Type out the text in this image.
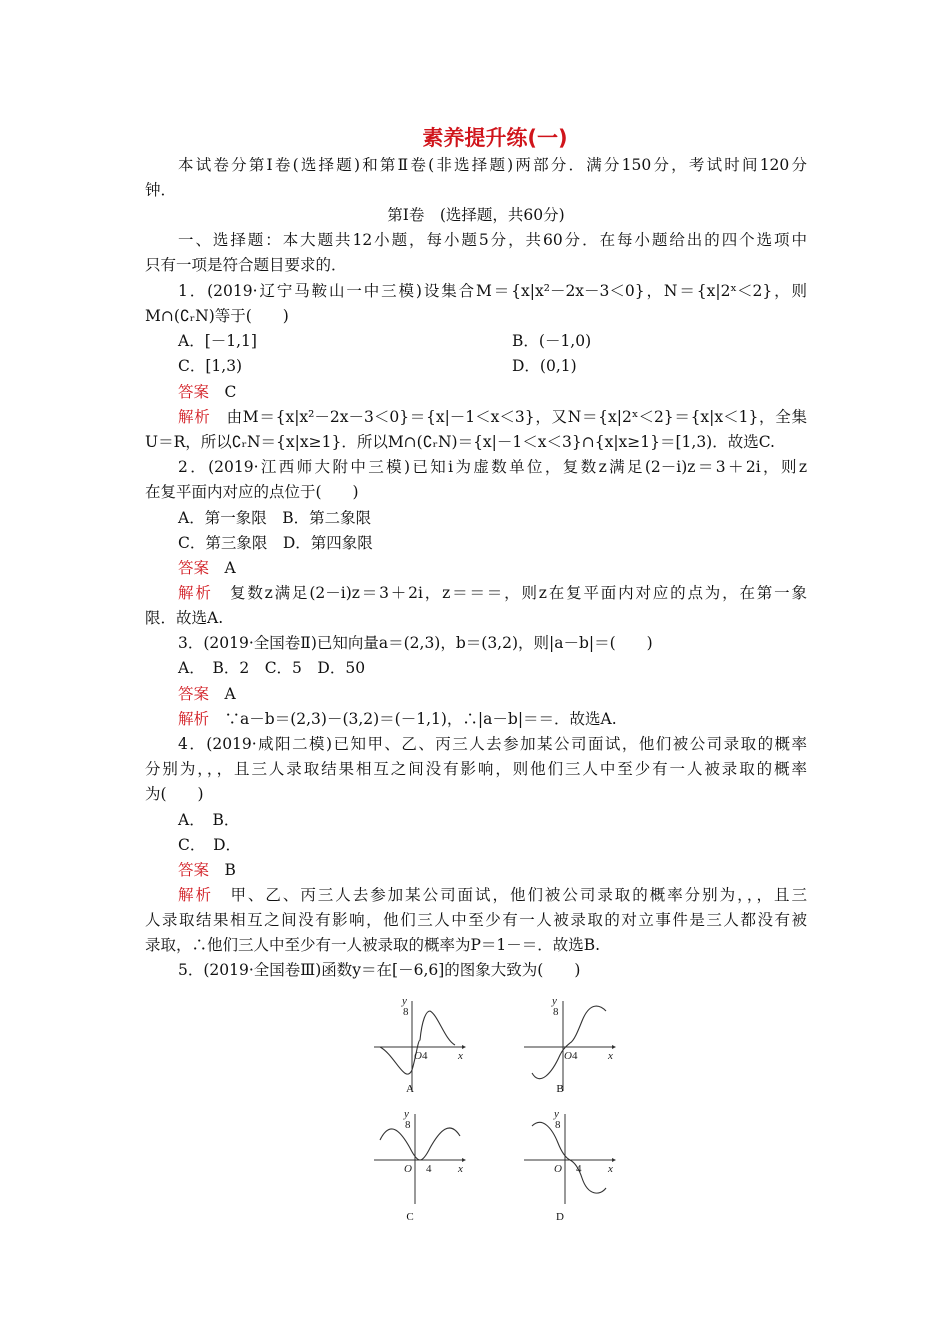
素养提升练(一)
本试卷分第Ⅰ卷(选择题)和第Ⅱ卷(非选择题)两部分．满分150分，考试时间120分
钟．
第Ⅰ卷　(选择题，共60分)
一、选择题：本大题共12小题，每小题5分，共60分．在每小题给出的四个选项中
只有一项是符合题目要求的．
1．(2019·辽宁马鞍山一中三模)设集合M＝{x|x²－2x－3＜0}，N＝{x|2ˣ＜2}，则
M∩(∁ᵣN)等于(　　)
A．[－1,1]	B．(－1,0)
C．[1,3)	D．(0,1)
答案　 C
解析　 由M＝{x|x²－2x－3＜0}＝{x|－1＜x＜3}，又N＝{x|2ˣ＜2}＝{x|x＜1}，全集
U＝R，所以∁ᵣN＝{x|x≥1}．所以M∩(∁ᵣN)＝{x|－1＜x＜3}∩{x|x≥1}＝[1,3)．故选C.
2．(2019·江西师大附中三模)已知i为虚数单位，复数z满足(2－i)z＝3＋2i，则z
在复平面内对应的点位于(　　)
A．第一象限　B．第二象限
C．第三象限　D．第四象限
答案　 A
解析　 复数z满足(2－i)z＝3＋2i，z＝＝＝，则z在复平面内对应的点为，在第一象
限．故选A.
3．(2019·全国卷Ⅱ)已知向量a＝(2,3)，b＝(3,2)，则|a－b|＝(　　)
A．　B．2　C．5　D．50
答案　 A
解析　 ∵a－b＝(2,3)－(3,2)＝(－1,1)，∴|a－b|＝＝．故选A.
4．(2019·咸阳二模)已知甲、乙、丙三人去参加某公司面试，他们被公司录取的概率
分别为，，，且三人录取结果相互之间没有影响，则他们三人中至少有一人被录取的概率
为(　　)
A．　B．
C．　D．
答案　 B
解析　 甲、乙、丙三人去参加某公司面试，他们被公司录取的概率分别为，，，且三
人录取结果相互之间没有影响，他们三人中至少有一人被录取的对立事件是三人都没有被
录取，∴他们三人中至少有一人被录取的概率为P＝1－＝．故选B.
5．(2019·全国卷Ⅲ)函数y＝在[－6,6]的图象大致为(　　)
y
8
O 4	x
A
y
8
O 4	x
B
y
8
O 4 x
C
y
8
O 4 x
D
